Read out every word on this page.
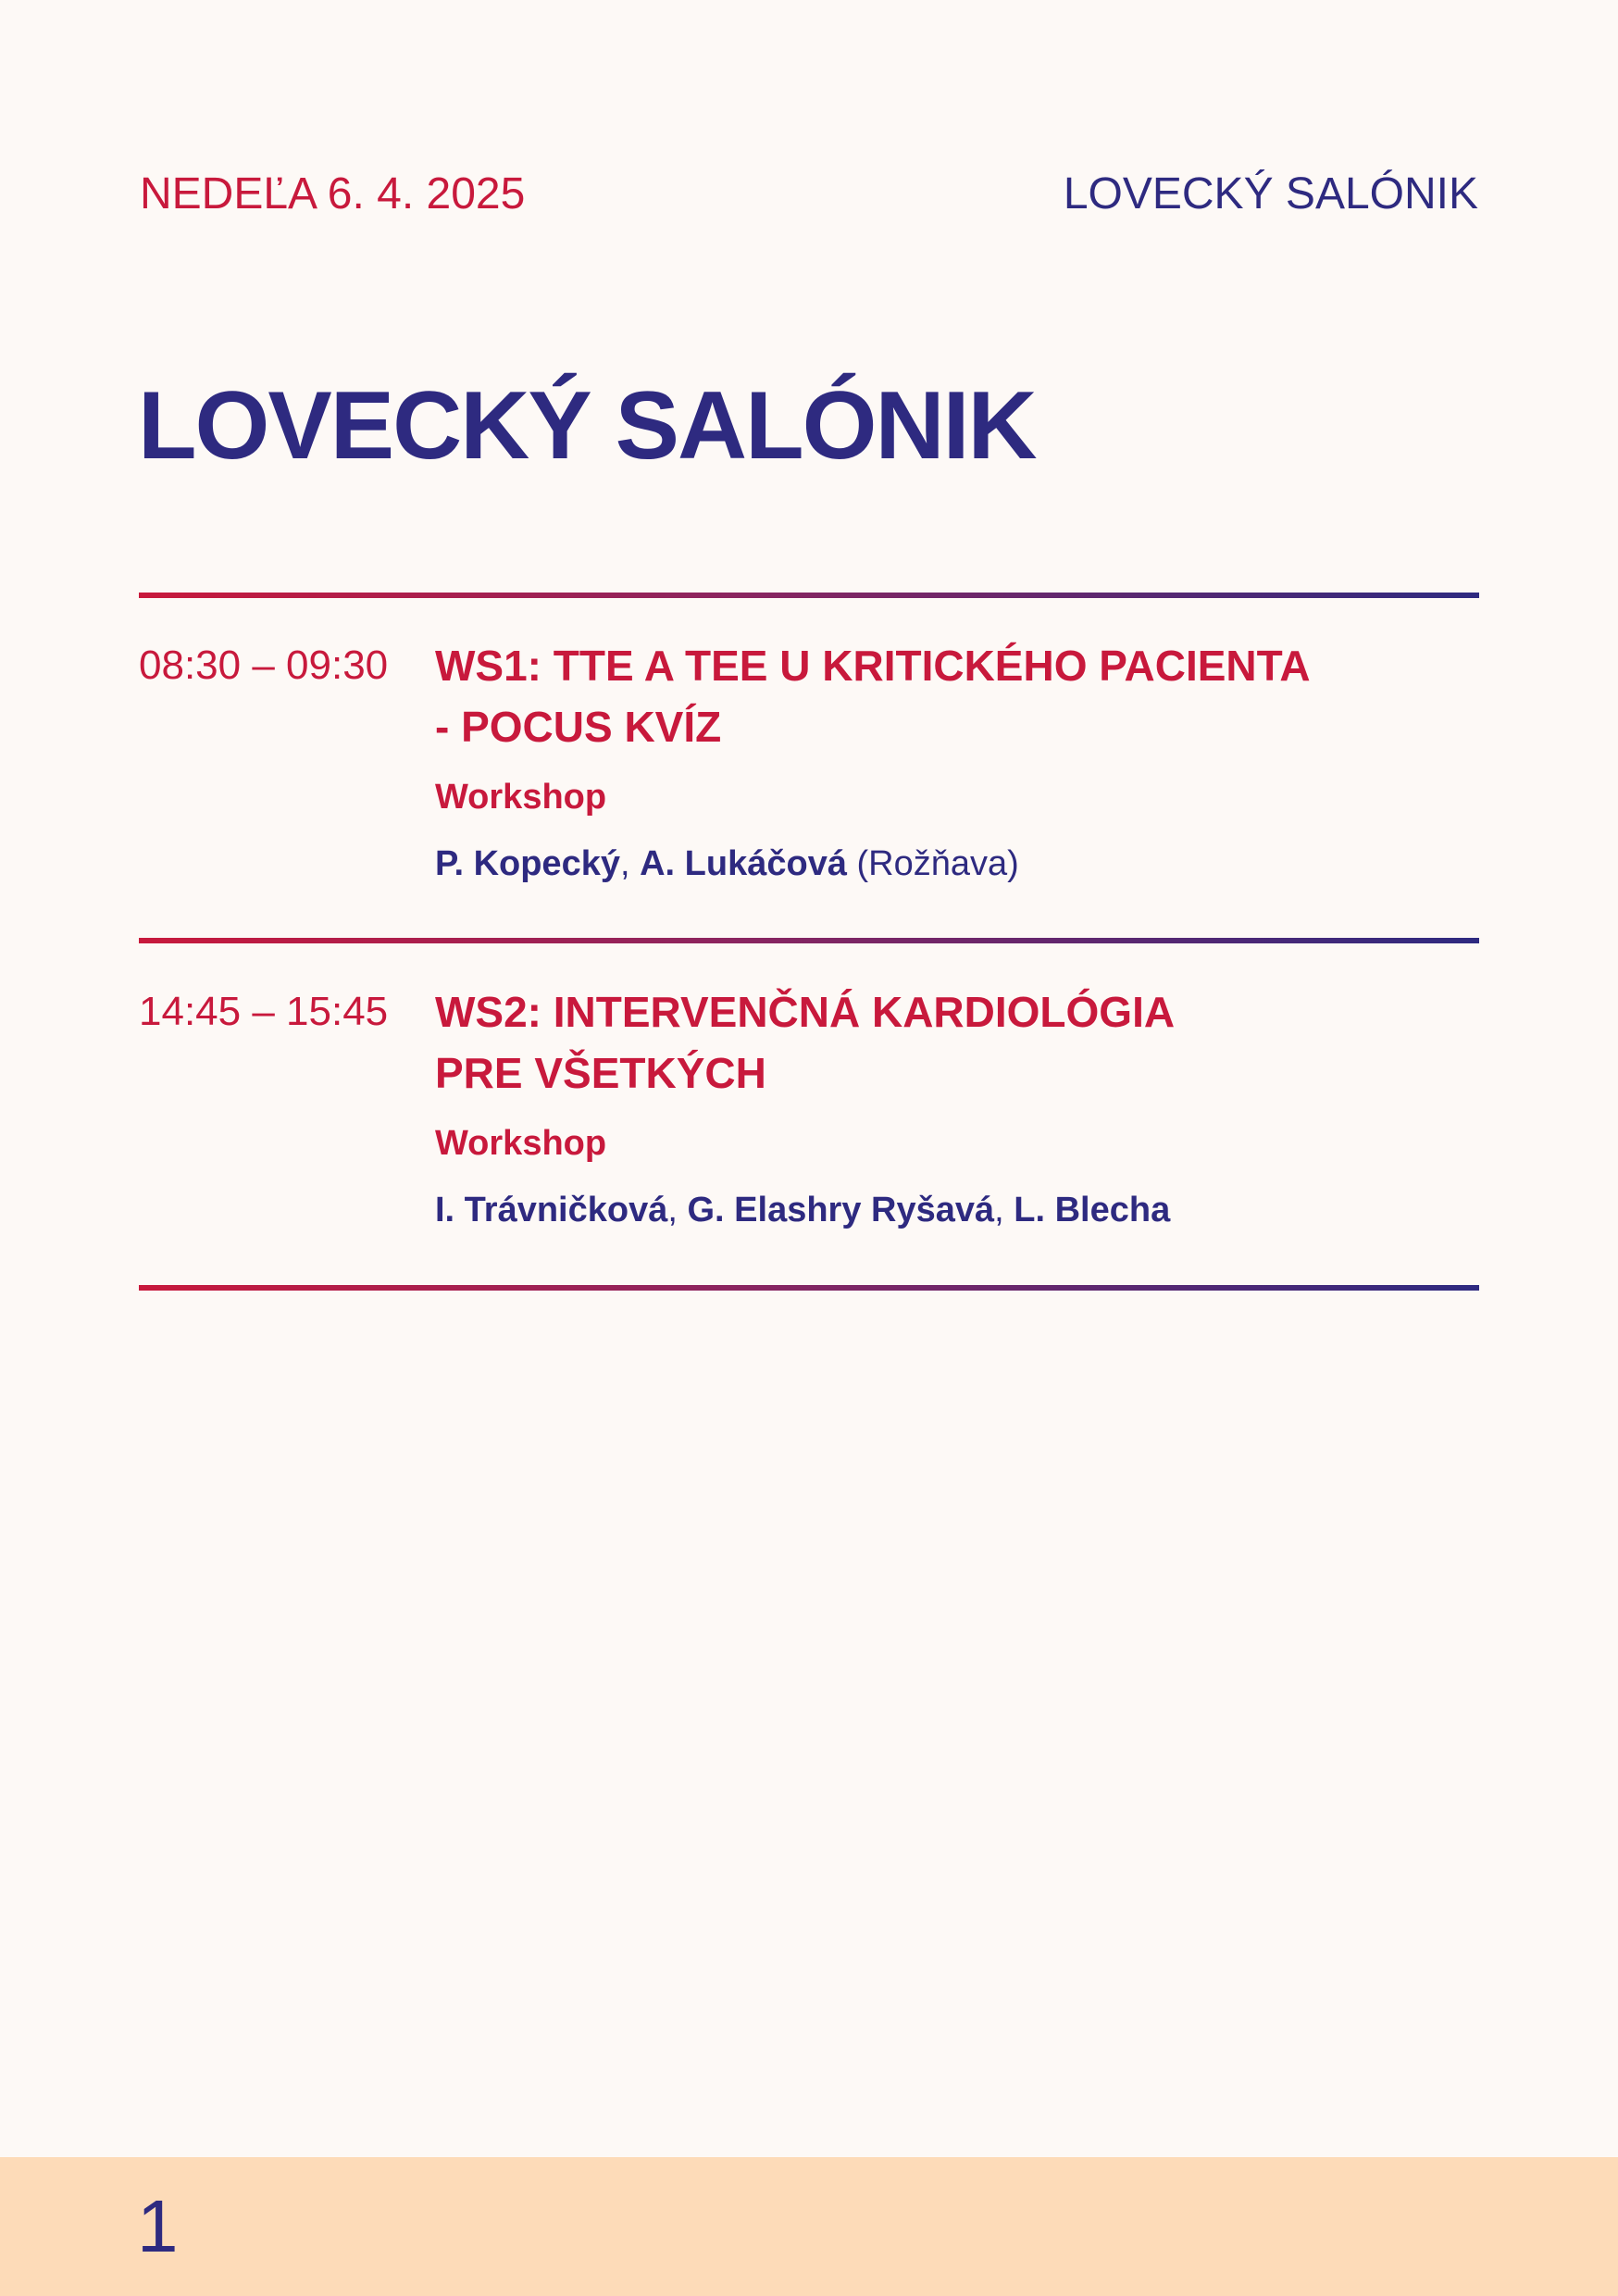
NEDEĽA 6. 4. 2025	LOVECKÝ SALÓNIK
LOVECKÝ SALÓNIK
08:30 – 09:30 WS1: TTE A TEE U KRITICKÉHO PACIENTA
- POCUS KVÍZ
Workshop
P. Kopecký, A. Lukáčová (Rožňava)
14:45 – 15:45 WS2: INTERVENČNÁ KARDIOLÓGIA
PRE VŠETKÝCH
Workshop
I. Trávničková, G. Elashry Ryšavá, L. Blecha
1
